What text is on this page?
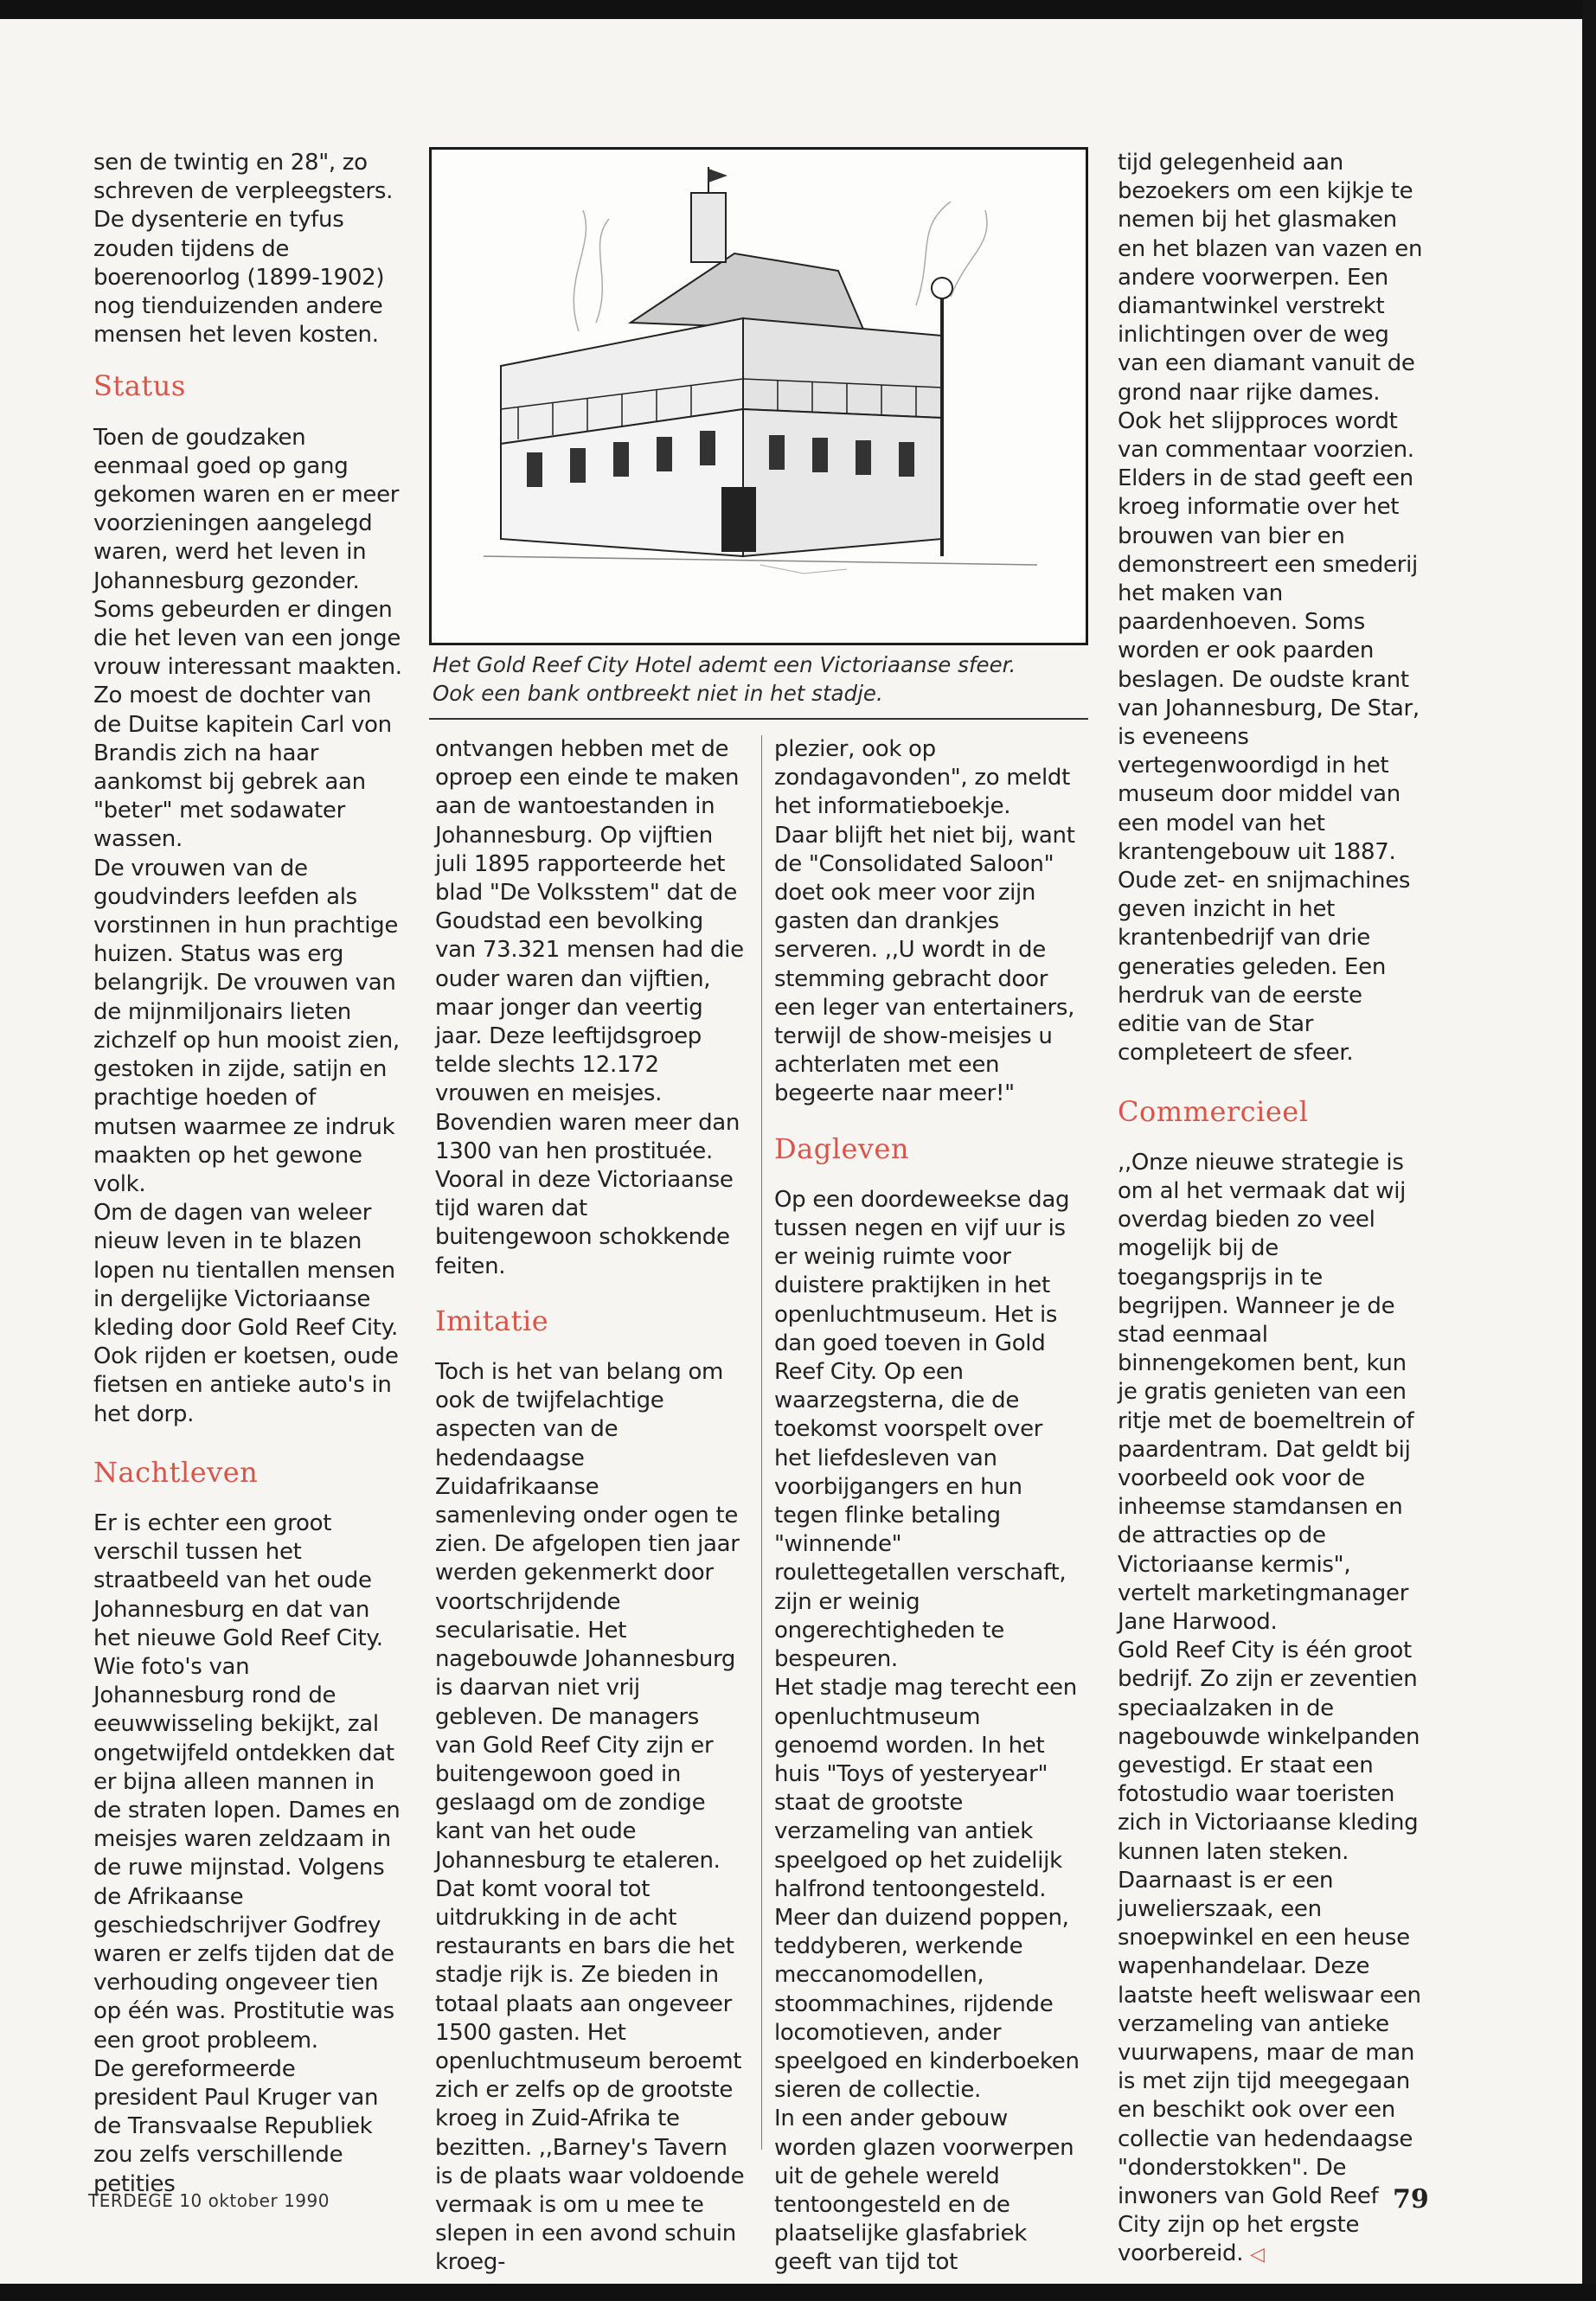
sen de twintig en 28", zo schreven de verpleegsters. De dysenterie en tyfus zouden tijdens de boerenoorlog (1899-1902) nog tienduizenden andere mensen het leven kosten.

Status

Toen de goudzaken eenmaal goed op gang gekomen waren en er meer voorzieningen aangelegd waren, werd het leven in Johannesburg gezonder. Soms gebeurden er dingen die het leven van een jonge vrouw interessant maakten. Zo moest de dochter van de Duitse kapitein Carl von Brandis zich na haar aankomst bij gebrek aan "beter" met sodawater wassen.

De vrouwen van de goudvinders leefden als vorstinnen in hun prachtige huizen. Status was erg belangrijk. De vrouwen van de mijnmiljonairs lieten zichzelf op hun mooist zien, gestoken in zijde, satijn en prachtige hoeden of mutsen waarmee ze indruk maakten op het gewone volk.

Om de dagen van weleer nieuw leven in te blazen lopen nu tientallen mensen in dergelijke Victoriaanse kleding door Gold Reef City. Ook rijden er koetsen, oude fietsen en antieke auto's in het dorp.

Nachtleven

Er is echter een groot verschil tussen het straatbeeld van het oude Johannesburg en dat van het nieuwe Gold Reef City. Wie foto's van Johannesburg rond de eeuwwisseling bekijkt, zal ongetwijfeld ontdekken dat er bijna alleen mannen in de straten lopen. Dames en meisjes waren zeldzaam in de ruwe mijnstad. Volgens de Afrikaanse geschiedschrijver Godfrey waren er zelfs tijden dat de verhouding ongeveer tien op één was. Prostitutie was een groot probleem.

De gereformeerde president Paul Kruger van de Transvaalse Republiek zou zelfs verschillende petities

Het Gold Reef City Hotel ademt een Victoriaanse sfeer.
Ook een bank ontbreekt niet in het stadje.

ontvangen hebben met de oproep een einde te maken aan de wantoestanden in Johannesburg. Op vijftien juli 1895 rapporteerde het blad "De Volksstem" dat de Goudstad een bevolking van 73.321 mensen had die ouder waren dan vijftien, maar jonger dan veertig jaar. Deze leeftijdsgroep telde slechts 12.172 vrouwen en meisjes. Bovendien waren meer dan 1300 van hen prostituée. Vooral in deze Victoriaanse tijd waren dat buitengewoon schokkende feiten.

Imitatie

Toch is het van belang om ook de twijfelachtige aspecten van de hedendaagse Zuidafrikaanse samenleving onder ogen te zien. De afgelopen tien jaar werden gekenmerkt door voortschrijdende secularisatie. Het nagebouwde Johannesburg is daarvan niet vrij gebleven. De managers van Gold Reef City zijn er buitengewoon goed in geslaagd om de zondige kant van het oude Johannesburg te etaleren.

Dat komt vooral tot uitdrukking in de acht restaurants en bars die het stadje rijk is. Ze bieden in totaal plaats aan ongeveer 1500 gasten. Het openluchtmuseum beroemt zich er zelfs op de grootste kroeg in Zuid-Afrika te bezitten. ,,Barney's Tavern is de plaats waar voldoende vermaak is om u mee te slepen in een avond schuin kroeg-

plezier, ook op zondagavonden", zo meldt het informatieboekje.

Daar blijft het niet bij, want de "Consolidated Saloon" doet ook meer voor zijn gasten dan drankjes serveren. ,,U wordt in de stemming gebracht door een leger van entertainers, terwijl de show-meisjes u achterlaten met een begeerte naar meer!"

Dagleven

Op een doordeweekse dag tussen negen en vijf uur is er weinig ruimte voor duistere praktijken in het openluchtmuseum. Het is dan goed toeven in Gold Reef City. Op een waarzegsterna, die de toekomst voorspelt over het liefdesleven van voorbijgangers en hun tegen flinke betaling "winnende" roulettegetallen verschaft, zijn er weinig ongerechtigheden te bespeuren.

Het stadje mag terecht een openluchtmuseum genoemd worden. In het huis "Toys of yesteryear" staat de grootste verzameling van antiek speelgoed op het zuidelijk halfrond tentoongesteld. Meer dan duizend poppen, teddyberen, werkende meccanomodellen, stoommachines, rijdende locomotieven, ander speelgoed en kinderboeken sieren de collectie.

In een ander gebouw worden glazen voorwerpen uit de gehele wereld tentoongesteld en de plaatselijke glasfabriek geeft van tijd tot

tijd gelegenheid aan bezoekers om een kijkje te nemen bij het glasmaken en het blazen van vazen en andere voorwerpen. Een diamantwinkel verstrekt inlichtingen over de weg van een diamant vanuit de grond naar rijke dames. Ook het slijpproces wordt van commentaar voorzien. Elders in de stad geeft een kroeg informatie over het brouwen van bier en demonstreert een smederij het maken van paardenhoeven. Soms worden er ook paarden beslagen. De oudste krant van Johannesburg, De Star, is eveneens vertegenwoordigd in het museum door middel van een model van het krantengebouw uit 1887. Oude zet- en snijmachines geven inzicht in het krantenbedrijf van drie generaties geleden. Een herdruk van de eerste editie van de Star completeert de sfeer.

Commercieel

,,Onze nieuwe strategie is om al het vermaak dat wij overdag bieden zo veel mogelijk bij de toegangsprijs in te begrijpen. Wanneer je de stad eenmaal binnengekomen bent, kun je gratis genieten van een ritje met de boemeltrein of paardentram. Dat geldt bij voorbeeld ook voor de inheemse stamdansen en de attracties op de Victoriaanse kermis", vertelt marketingmanager Jane Harwood.

Gold Reef City is één groot bedrijf. Zo zijn er zeventien speciaalzaken in de nagebouwde winkelpanden gevestigd. Er staat een fotostudio waar toeristen zich in Victoriaanse kleding kunnen laten steken. Daarnaast is er een juwelierszaak, een snoepwinkel en een heuse wapenhandelaar. Deze laatste heeft weliswaar een verzameling van antieke vuurwapens, maar de man is met zijn tijd meegegaan en beschikt ook over een collectie van hedendaagse "donderstokken". De inwoners van Gold Reef City zijn op het ergste voorbereid. ◁

TERDEGE 10 oktober 1990	79
